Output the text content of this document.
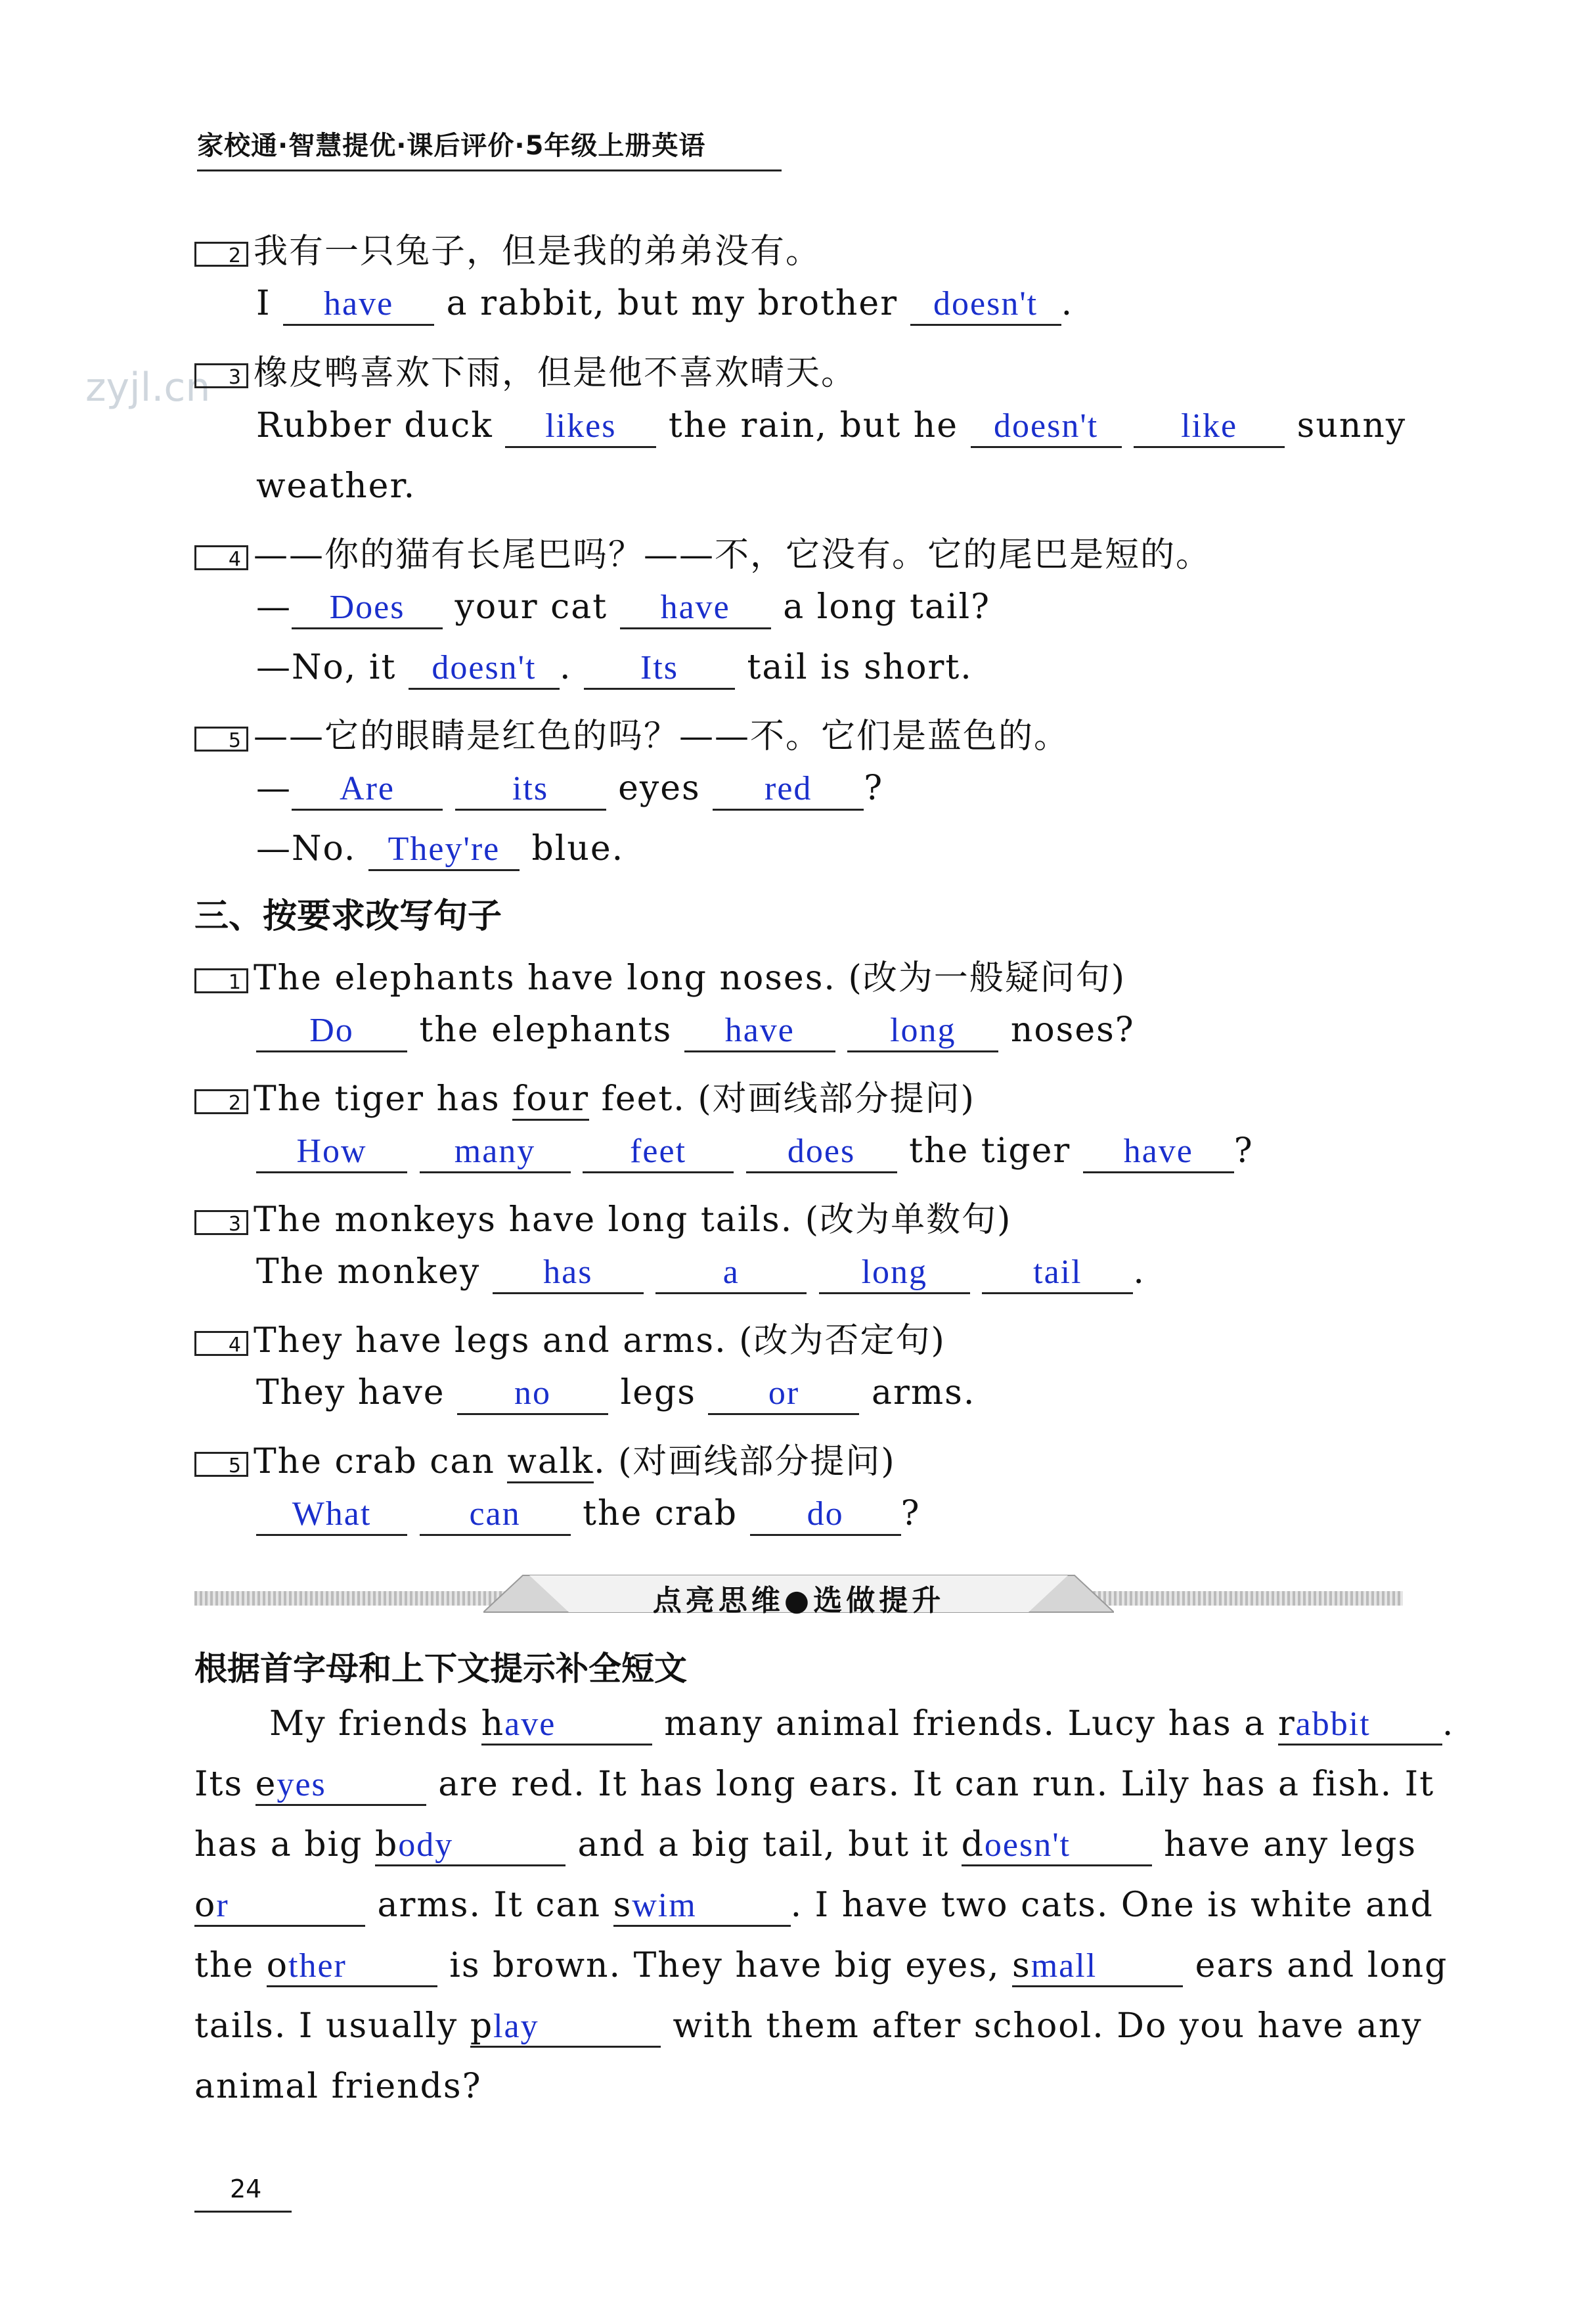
家校通·智慧提优·课后评价·5年级上册英语
zyjl.cn
2 我有一只兔子，但是我的弟弟没有。
I have a rabbit, but my brother doesn't .
3 橡皮鸭喜欢下雨，但是他不喜欢晴天。
Rubber duck likes the rain, but he doesn't like sunny
weather.
4 ——你的猫有长尾巴吗？——不，它没有。它的尾巴是短的。
— Does your cat have a long tail?
—No, it doesn't . Its tail is short.
5 ——它的眼睛是红色的吗？——不。它们是蓝色的。
— Are	its eyes red ?
—No. They're blue.
三、按要求改写句子
1 The elephants have long noses. (改为一般疑问句)
Do the elephants have	long noses?
2 The tiger has four feet. (对画线部分提问)
How	many	feet	does the tiger have ?
3 The monkeys have long tails. (改为单数句)
The monkey has	a	long	tail .
4 They have legs and arms. (改为否定句)
They have no legs or arms.
5 The crab can walk. (对画线部分提问)
What	can the crab do ?
点亮思维●选做提升
根据首字母和上下文提示补全短文
My friends have	many animal friends. Lucy has a rabbit .
Its eyes	are red. It has long ears. It can run. Lily has a fish. It
has a big body	and a big tail, but it doesn't	have any legs
or	arms. It can swim	. I have two cats. One is white and
the other	is brown. They have big eyes, small	ears and long
tails. I usually play	with them after school. Do you have any
animal friends?
24
